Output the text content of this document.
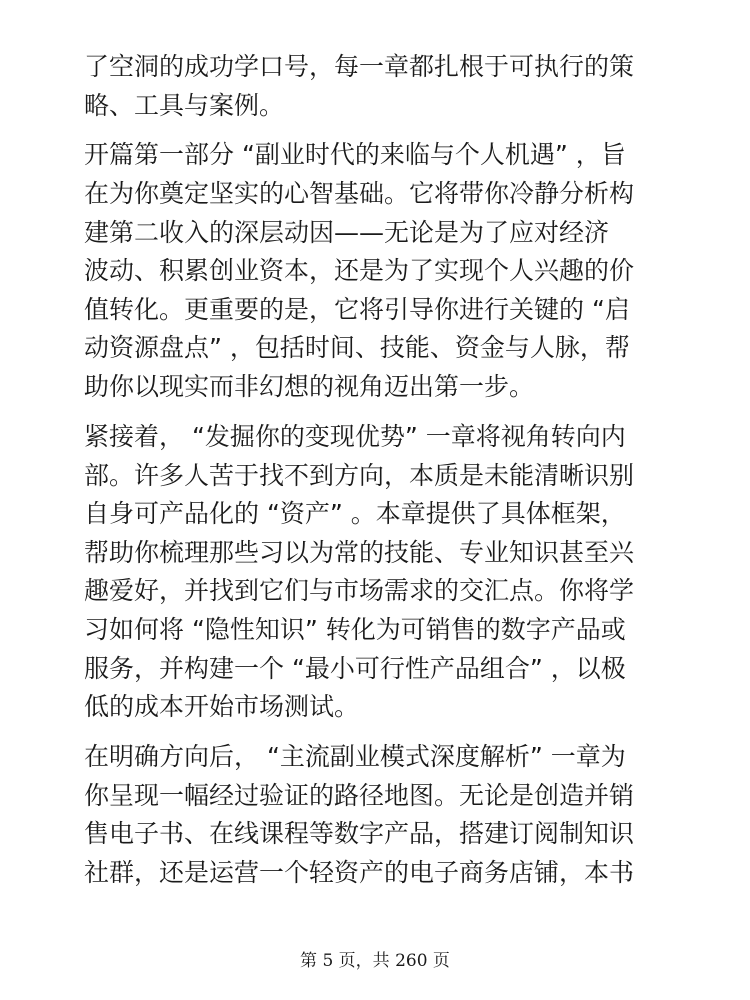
了空洞的成功学口号，每一章都扎根于可执行的策
略、工具与案例。

开篇第一部分 “副业时代的来临与个人机遇” ，旨
在为你奠定坚实的心智基础。它将带你冷静分析构
建第二收入的深层动因——无论是为了应对经济
波动、积累创业资本，还是为了实现个人兴趣的价
值转化。更重要的是，它将引导你进行关键的 “启
动资源盘点” ，包括时间、技能、资金与人脉，帮
助你以现实而非幻想的视角迈出第一步。

紧接着， “发掘你的变现优势” 一章将视角转向内
部。许多人苦于找不到方向，本质是未能清晰识别
自身可产品化的 “资产” 。本章提供了具体框架，
帮助你梳理那些习以为常的技能、专业知识甚至兴
趣爱好，并找到它们与市场需求的交汇点。你将学
习如何将 “隐性知识” 转化为可销售的数字产品或
服务，并构建一个 “最小可行性产品组合” ，以极
低的成本开始市场测试。

在明确方向后， “主流副业模式深度解析” 一章为
你呈现一幅经过验证的路径地图。无论是创造并销
售电子书、在线课程等数字产品，搭建订阅制知识
社群，还是运营一个轻资产的电子商务店铺，本书

第 5 页，共 260 页
